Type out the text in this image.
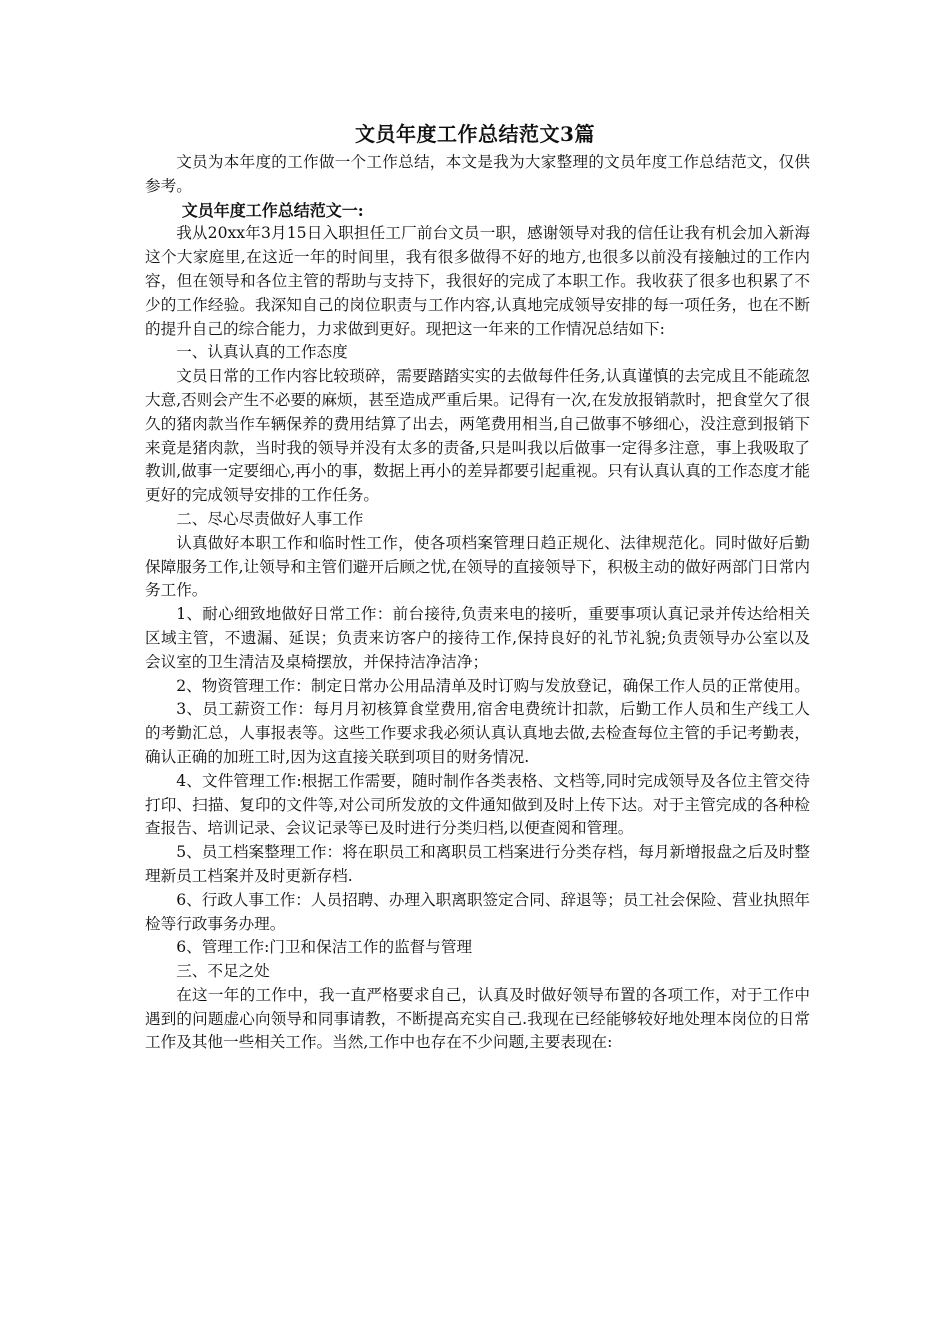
文员年度工作总结范文3篇

文员为本年度的工作做一个工作总结，本文是我为大家整理的文员年度工作总结范文，仅供参考。

文员年度工作总结范文一:

我从20xx年3月15日入职担任工厂前台文员一职，感谢领导对我的信任让我有机会加入新海这个大家庭里,在这近一年的时间里，我有很多做得不好的地方,也很多以前没有接触过的工作内容，但在领导和各位主管的帮助与支持下，我很好的完成了本职工作。我收获了很多也积累了不少的工作经验。我深知自己的岗位职责与工作内容,认真地完成领导安排的每一项任务，也在不断的提升自己的综合能力，力求做到更好。现把这一年来的工作情况总结如下:

一、认真认真的工作态度

文员日常的工作内容比较琐碎，需要踏踏实实的去做每件任务,认真谨慎的去完成且不能疏忽大意,否则会产生不必要的麻烦，甚至造成严重后果。记得有一次,在发放报销款时，把食堂欠了很久的猪肉款当作车辆保养的费用结算了出去，两笔费用相当,自己做事不够细心，没注意到报销下来竟是猪肉款，当时我的领导并没有太多的责备,只是叫我以后做事一定得多注意，事上我吸取了教训,做事一定要细心,再小的事，数据上再小的差异都要引起重视。只有认真认真的工作态度才能更好的完成领导安排的工作任务。

二、尽心尽责做好人事工作

认真做好本职工作和临时性工作，使各项档案管理日趋正规化、法律规范化。同时做好后勤保障服务工作,让领导和主管们避开后顾之忧,在领导的直接领导下，积极主动的做好两部门日常内务工作。

1、耐心细致地做好日常工作：前台接待,负责来电的接听，重要事项认真记录并传达给相关区域主管，不遗漏、延误；负责来访客户的接待工作,保持良好的礼节礼貌;负责领导办公室以及会议室的卫生清洁及桌椅摆放，并保持洁净洁净；

2、物资管理工作：制定日常办公用品清单及时订购与发放登记，确保工作人员的正常使用。

3、员工薪资工作：每月月初核算食堂费用,宿舍电费统计扣款，后勤工作人员和生产线工人的考勤汇总，人事报表等。这些工作要求我必须认真认真地去做,去检查每位主管的手记考勤表，确认正确的加班工时,因为这直接关联到项目的财务情况.

4、文件管理工作:根据工作需要，随时制作各类表格、文档等,同时完成领导及各位主管交待打印、扫描、复印的文件等,对公司所发放的文件通知做到及时上传下达。对于主管完成的各种检查报告、培训记录、会议记录等已及时进行分类归档,以便查阅和管理。

5、员工档案整理工作：将在职员工和离职员工档案进行分类存档，每月新增报盘之后及时整理新员工档案并及时更新存档.

6、行政人事工作：人员招聘、办理入职离职签定合同、辞退等；员工社会保险、营业执照年检等行政事务办理。

6、管理工作:门卫和保洁工作的监督与管理

三、不足之处

在这一年的工作中，我一直严格要求自己，认真及时做好领导布置的各项工作，对于工作中遇到的问题虚心向领导和同事请教，不断提高充实自己.我现在已经能够较好地处理本岗位的日常工作及其他一些相关工作。当然,工作中也存在不少问题,主要表现在:
